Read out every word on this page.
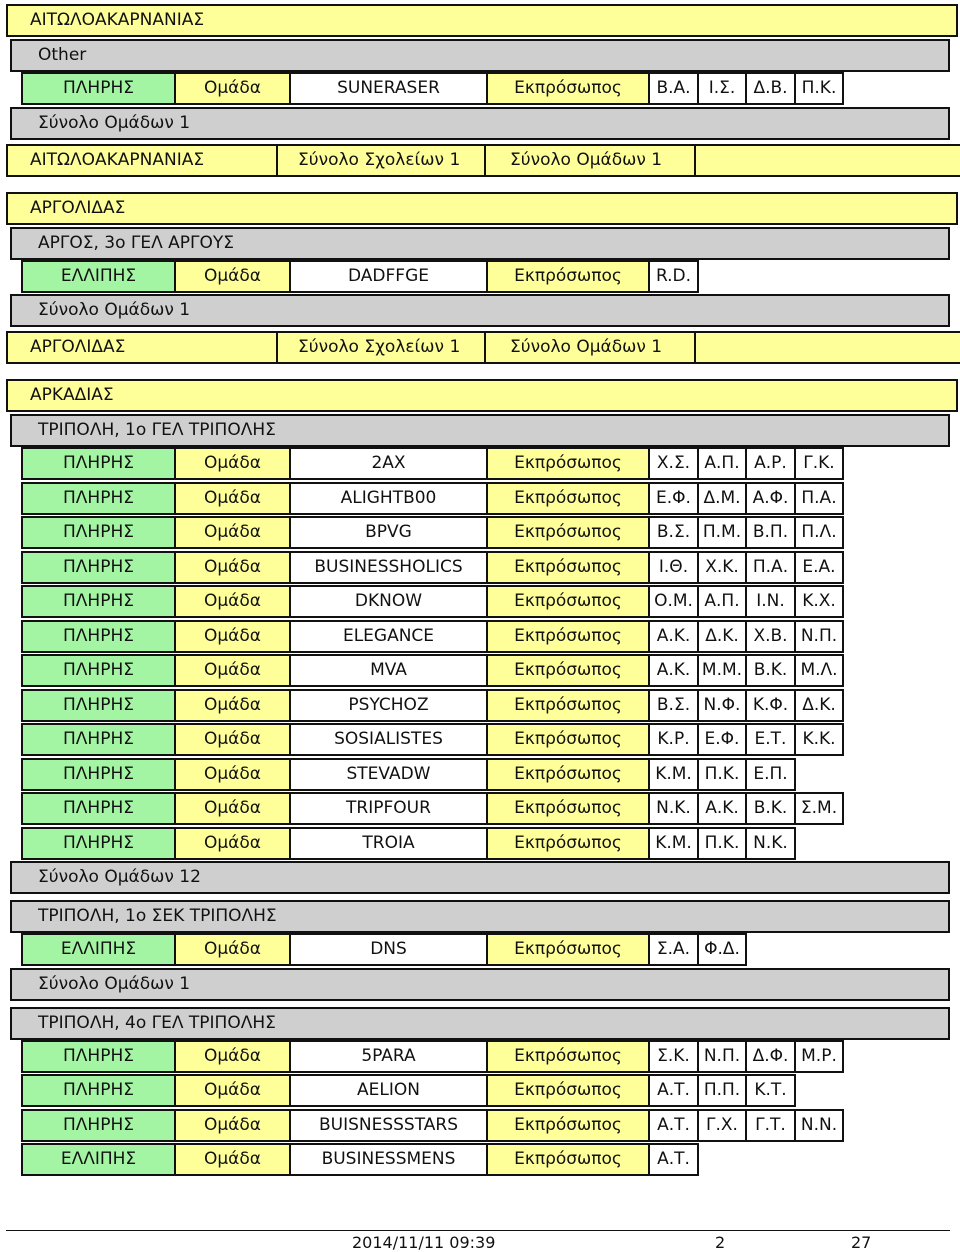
ΑΙΤΩΛΟΑΚΑΡΝΑΝΙΑΣ
Other
ΠΛΗΡΗΣ	Ομάδα	SUNERASER	Εκπρόσωπος	Β.Α.	Ι.Σ.	Δ.Β. Π.Κ.
Σύνολο Ομάδων 1
ΑΙΤΩΛΟΑΚΑΡΝΑΝΙΑΣ	Σύνολο Σχολείων 1	Σύνολο Ομάδων 1
ΑΡΓΟΛΙΔΑΣ
ΑΡΓΟΣ, 3ο ΓΕΛ ΑΡΓΟΥΣ
ΕΛΛΙΠΗΣ	Ομάδα	DADFFGE	Εκπρόσωπος	R.D.
Σύνολο Ομάδων 1
ΑΡΓΟΛΙΔΑΣ	Σύνολο Σχολείων 1	Σύνολο Ομάδων 1
ΑΡΚΑΔΙΑΣ
ΤΡΙΠΟΛΗ, 1ο ΓΕΛ ΤΡΙΠΟΛΗΣ
ΠΛΗΡΗΣ	Ομάδα	2AX	Εκπρόσωπος	Χ.Σ. Α.Π. Α.Ρ. Γ.Κ.
ΠΛΗΡΗΣ	Ομάδα	ALIGHTB00	Εκπρόσωπος	Ε.Φ. Δ.Μ. Α.Φ. Π.Α.
ΠΛΗΡΗΣ	Ομάδα	BPVG	Εκπρόσωπος	Β.Σ. Π.Μ. Β.Π. Π.Λ.
ΠΛΗΡΗΣ	Ομάδα	BUSINESSHOLICS	Εκπρόσωπος	Ι.Θ.	Χ.Κ. Π.Α. Ε.Α.
ΠΛΗΡΗΣ	Ομάδα	DKNOW	Εκπρόσωπος	Ο.Μ. Α.Π. Ι.Ν.	Κ.Χ.
ΠΛΗΡΗΣ	Ομάδα	ELEGANCE	Εκπρόσωπος	Α.Κ. Δ.Κ. Χ.Β. Ν.Π.
ΠΛΗΡΗΣ	Ομάδα	MVA	Εκπρόσωπος	Α.Κ. Μ.Μ. Β.Κ. Μ.Λ.
ΠΛΗΡΗΣ	Ομάδα	PSYCHOZ	Εκπρόσωπος	Β.Σ. Ν.Φ. Κ.Φ. Δ.Κ.
ΠΛΗΡΗΣ	Ομάδα	SOSIALISTES	Εκπρόσωπος	Κ.Ρ. Ε.Φ. Ε.Τ. Κ.Κ.
ΠΛΗΡΗΣ	Ομάδα	STEVADW	Εκπρόσωπος	Κ.Μ. Π.Κ. Ε.Π.
ΠΛΗΡΗΣ	Ομάδα	TRIPFOUR	Εκπρόσωπος	Ν.Κ. Α.Κ. Β.Κ. Σ.Μ.
ΠΛΗΡΗΣ	Ομάδα	TROIA	Εκπρόσωπος	Κ.Μ. Π.Κ. Ν.Κ.
Σύνολο Ομάδων 12
ΤΡΙΠΟΛΗ, 1ο ΣΕΚ ΤΡΙΠΟΛΗΣ
ΕΛΛΙΠΗΣ	Ομάδα	DNS	Εκπρόσωπος	Σ.Α. Φ.Δ.
Σύνολο Ομάδων 1
ΤΡΙΠΟΛΗ, 4ο ΓΕΛ ΤΡΙΠΟΛΗΣ
ΠΛΗΡΗΣ	Ομάδα	5PARA	Εκπρόσωπος	Σ.Κ. Ν.Π. Δ.Φ. Μ.Ρ.
ΠΛΗΡΗΣ	Ομάδα	AELION	Εκπρόσωπος	Α.Τ. Π.Π. Κ.Τ.
ΠΛΗΡΗΣ	Ομάδα	BUISNESSSTARS	Εκπρόσωπος	Α.Τ. Γ.Χ.	Γ.Τ. Ν.Ν.
ΕΛΛΙΠΗΣ	Ομάδα	BUSINESSMENS	Εκπρόσωπος	Α.Τ.
2014/11/11 09:39	2	27
